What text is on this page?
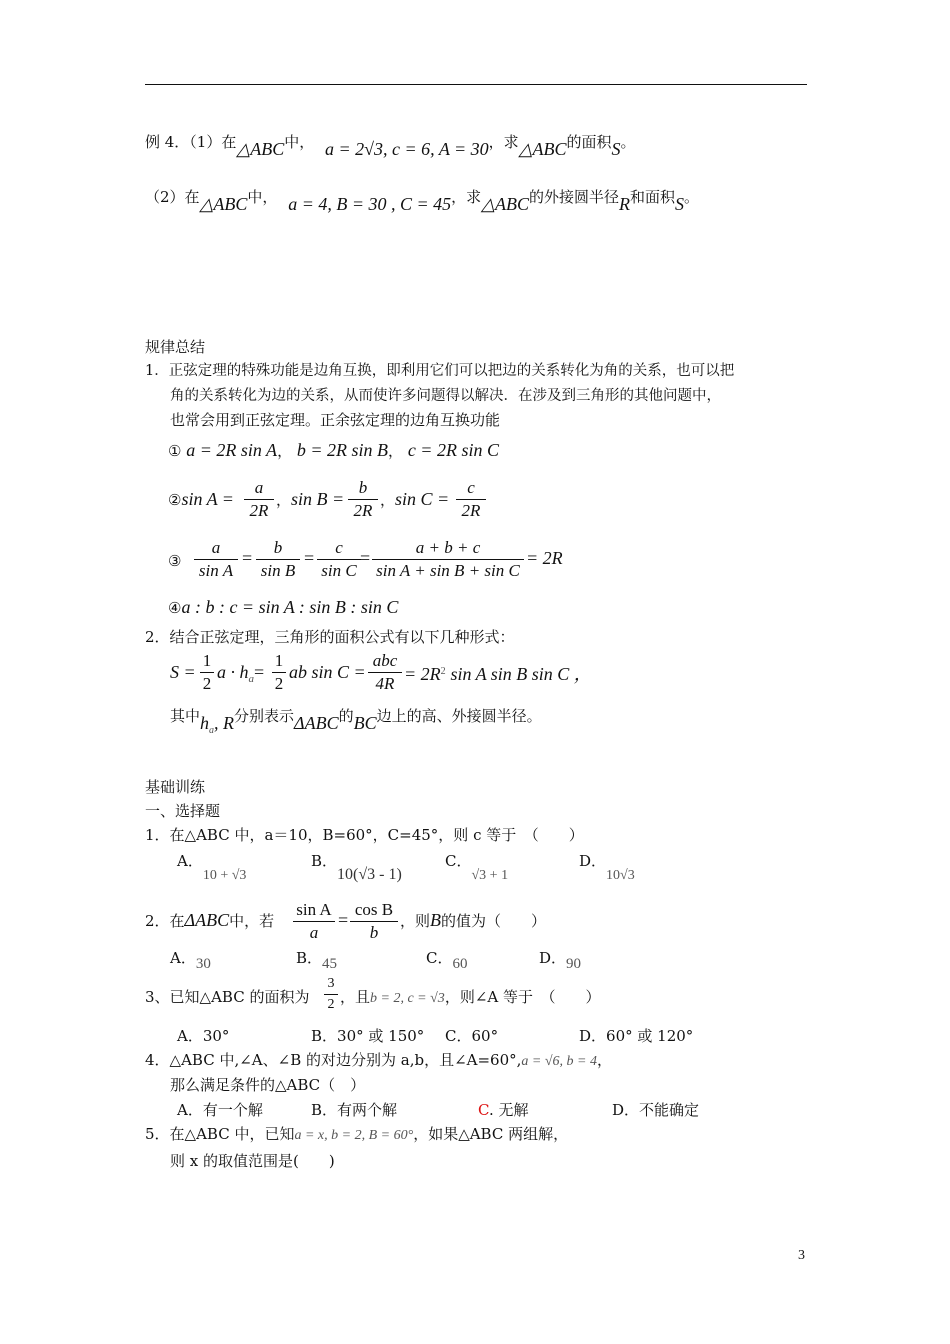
例 4．（1）在△ABC中， a = 2√3, c = 6, A = 30，求△ABC的面积S。
（2）在△ABC中， a = 4, B = 30 , C = 45，求△ABC的外接圆半径R和面积S。
规律总结
1．正弦定理的特殊功能是边角互换，即利用它们可以把边的关系转化为角的关系，也可以把
角的关系转化为边的关系，从而使许多问题得以解决．在涉及到三角形的其他问题中，
也常会用到正弦定理。正余弦定理的边角互换功能
① a = 2R sin A， b = 2R sin B， c = 2R sin C
②sin $A = \frac{a}{2R}$ ，$\sin B = \frac{b}{2R}$ ，$\sin C = \frac{c}{2R}$
③ $\frac{a}{\text{sin A}} = \frac{b}{\text{sin B}} = \frac{c}{\text{sin C}} = \frac{a + b + c}{\text{sin A + sin B + sin C}} = 2R$
④a : b : c = sin A : sin B : sin C
2．结合正弦定理，三角形的面积公式有以下几种形式：
$S = \frac{1}{2}$ $a \cdot h_a= \frac{1}{2}$ ab sin C =
abc
$4R = 2R^2$ sin A sin B sin C ，
其中$h_a$, R分别表示ΔABC的BC边上的高、外接圆半径。
基础训练
一、选择题
1．在△ABC 中，a＝10，B=60°，C=45°，则 c 等于　（　　）
A．10 + √3
B．10(√3 - 1)
C．√3 + 1
D．10√3
2．在ΔABC中，若 $\frac{\text{sin A}}{a} = \frac{\text{cos B}}{b}$ ，则B的值为（　　）
A．30	B．45	C．60	D．90
3、已知△ABC 的面积为 $\frac{3}{2}$ ，且b = 2, c = √3，则∠A 等于　（　　）
A．30°	B．30° 或 150° C．60°	D．60° 或 120°
4．△ABC 中,∠A、∠B 的对边分别为 a,b，且∠A=60°,a = √6, b = 4，
那么满足条件的△ABC（　）
A．有一个解	B．有两个解	C. 无解	D．不能确定
5．在△ABC 中，已知a = x, b = 2, B = 60°，如果△ABC 两组解，
则 x 的取值范围是(　　)
3
